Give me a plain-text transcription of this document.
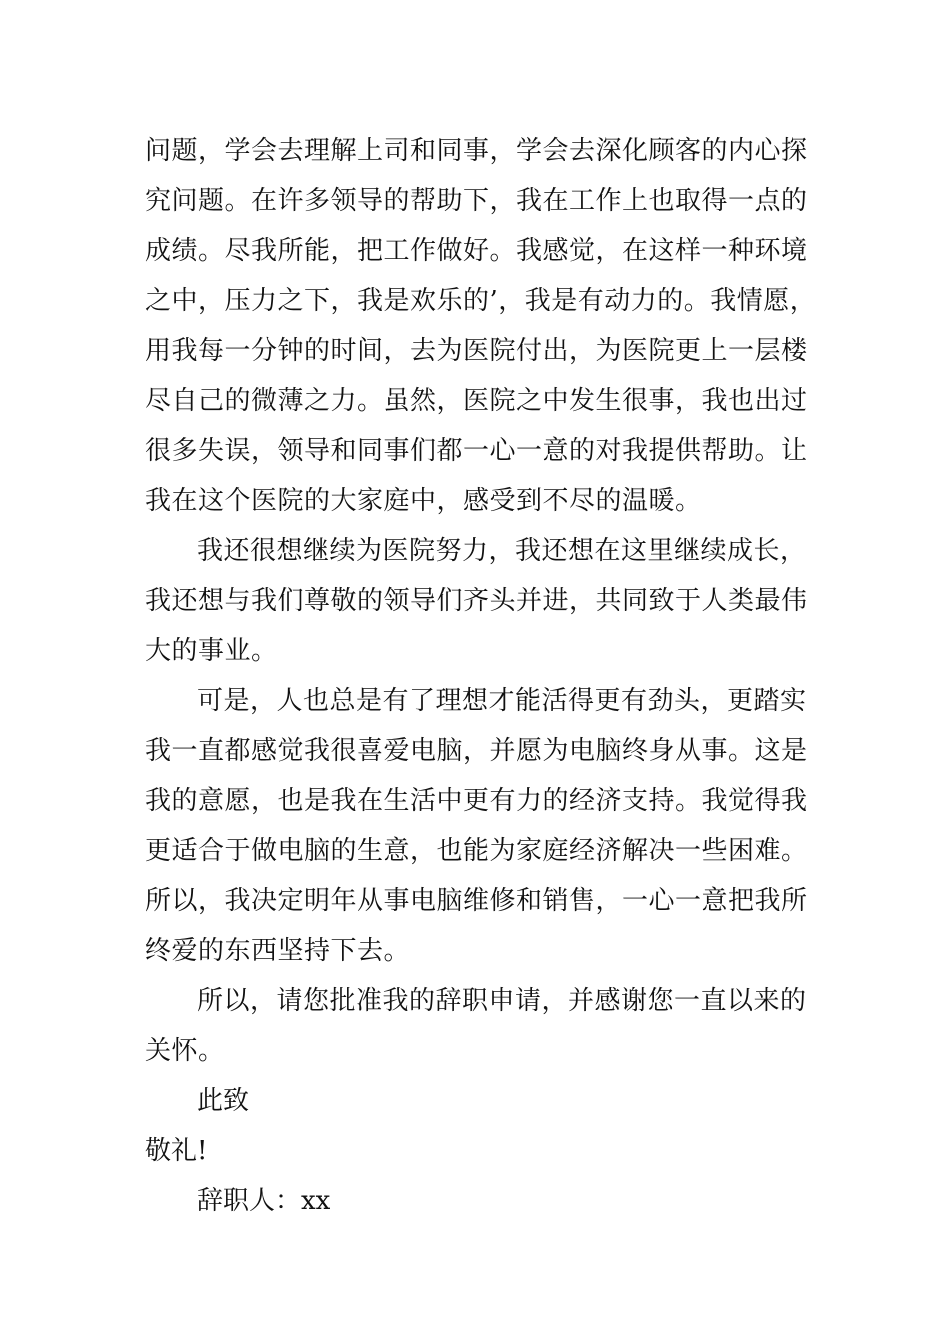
问题，学会去理解上司和同事，学会去深化顾客的内心探
究问题。在许多领导的帮助下，我在工作上也取得一点的
成绩。尽我所能，把工作做好。我感觉，在这样一种环境
之中，压力之下，我是欢乐的’，我是有动力的。我情愿，
用我每一分钟的时间，去为医院付出，为医院更上一层楼
尽自己的微薄之力。虽然，医院之中发生很事，我也出过
很多失误，领导和同事们都一心一意的对我提供帮助。让
我在这个医院的大家庭中，感受到不尽的温暖。
我还很想继续为医院努力，我还想在这里继续成长，
我还想与我们尊敬的领导们齐头并进，共同致于人类最伟
大的事业。
可是，人也总是有了理想才能活得更有劲头，更踏实
我一直都感觉我很喜爱电脑，并愿为电脑终身从事。这是
我的意愿，也是我在生活中更有力的经济支持。我觉得我
更适合于做电脑的生意，也能为家庭经济解决一些困难。
所以，我决定明年从事电脑维修和销售，一心一意把我所
终爱的东西坚持下去。
所以，请您批准我的辞职申请，并感谢您一直以来的
关怀。
此致
敬礼!
辞职人：xx
